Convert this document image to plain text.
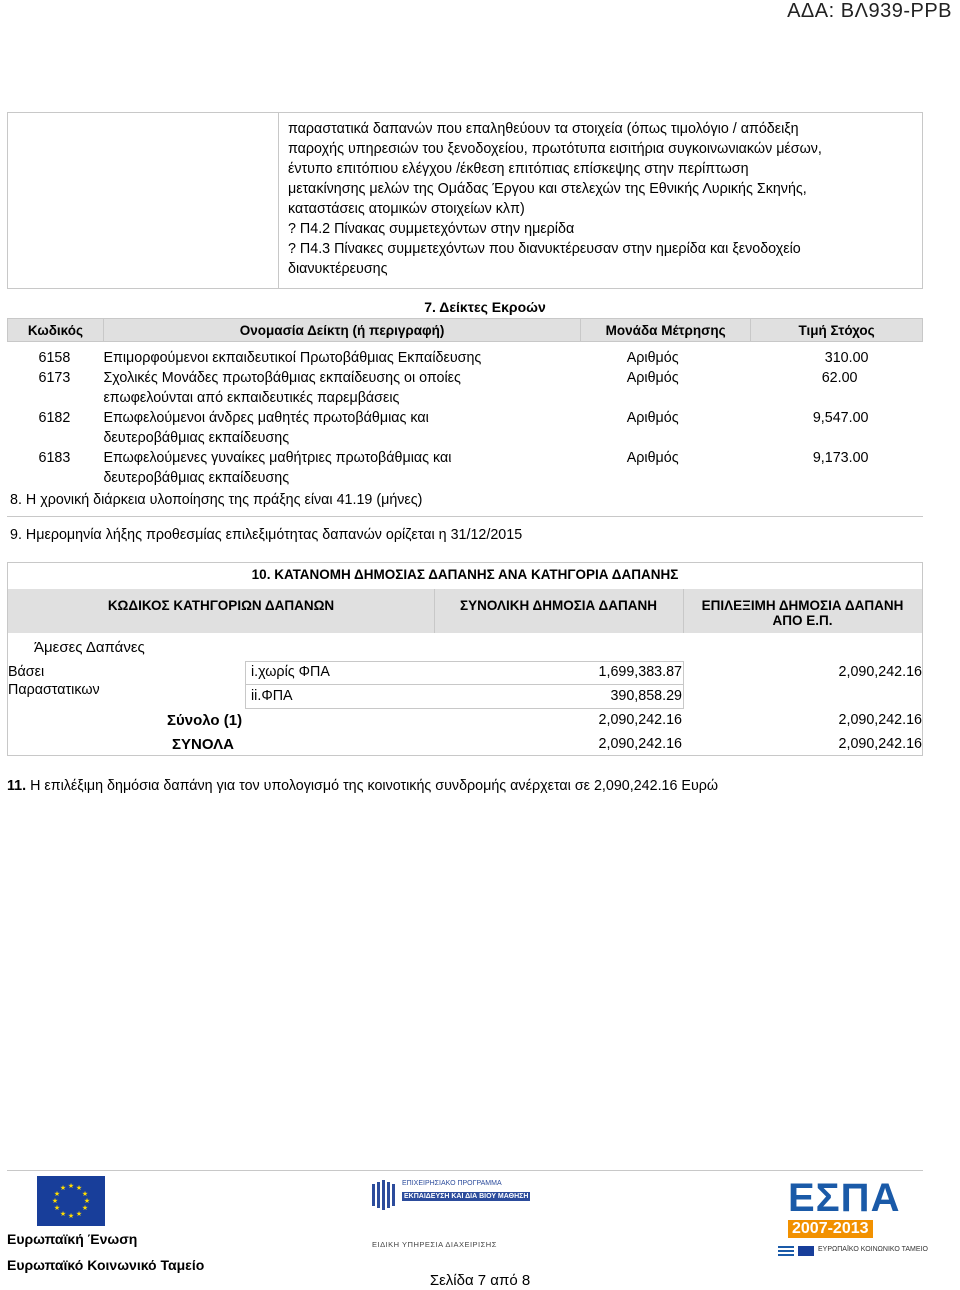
ΑΔΑ: ΒΛ939-ΡΡΒ
παραστατικά δαπανών που επαληθεύουν τα στοιχεία (όπως τιμολόγιο / απόδειξη
παροχής υπηρεσιών του ξενοδοχείου, πρωτότυπα εισιτήρια συγκοινωνιακών μέσων,
έντυπο επιτόπιου ελέγχου /έκθεση επιτόπιας επίσκεψης στην περίπτωση
μετακίνησης μελών της Ομάδας Έργου και στελεχών της Εθνικής Λυρικής Σκηνής,
καταστάσεις ατομικών στοιχείων κλπ)
? Π4.2 Πίνακας συμμετεχόντων στην ημερίδα
? Π4.3 Πίνακες συμμετεχόντων που διανυκτέρευσαν στην ημερίδα και ξενοδοχείο
διανυκτέρευσης
7. Δείκτες Εκροών
Κωδικός	Ονομασία Δείκτη (ή περιγραφή)	Μονάδα Μέτρησης	Τιμή Στόχος

6158	Επιμορφούμενοι εκπαιδευτικοί Πρωτοβάθμιας Εκπαίδευσης	Αριθμός	310.00
6173	Σχολικές Μονάδες πρωτοβάθμιας εκπαίδευσης οι οποίες
επωφελούνται από εκπαιδευτικές παρεμβάσεις	Αριθμός	62.00
6182	Επωφελούμενοι άνδρες μαθητές πρωτοβάθμιας και
δευτεροβάθμιας εκπαίδευσης	Αριθμός	9,547.00
6183	Επωφελούμενες γυναίκες μαθήτριες πρωτοβάθμιας και
δευτεροβάθμιας εκπαίδευσης	Αριθμός	9,173.00
8. Η χρονική διάρκεια υλοποίησης της πράξης είναι 41.19 (μήνες)
9. Ημερομηνία λήξης προθεσμίας επιλεξιμότητας δαπανών ορίζεται η 31/12/2015
10. ΚΑΤΑΝΟΜΗ ΔΗΜΟΣΙΑΣ ΔΑΠΑΝΗΣ ΑΝΑ ΚΑΤΗΓΟΡΙΑ ΔΑΠΑΝΗΣ
ΚΩΔΙΚΟΣ ΚΑΤΗΓΟΡΙΩΝ ΔΑΠΑΝΩΝ	ΣΥΝΟΛΙΚΗ ΔΗΜΟΣΙΑ ΔΑΠΑΝΗ	ΕΠΙΛΕΞΙΜΗ ΔΗΜΟΣΙΑ ΔΑΠΑΝΗ
ΑΠΟ Ε.Π.
Άμεσες Δαπάνες
Βάσει
Παραστατικων
i.χωρίς ΦΠΑ	1,699,383.87	2,090,242.16
ii.ΦΠΑ	390,858.29
Σύνολο (1)	2,090,242.16	2,090,242.16
ΣΥΝΟΛΑ	2,090,242.16	2,090,242.16
11. Η επιλέξιμη δημόσια δαπάνη για τον υπολογισμό της κοινοτικής συνδρομής ανέρχεται σε 2,090,242.16 Ευρώ
★ ★
★
★
★
★
★
★
★
★
★
★
Ευρωπαϊκή Ένωση
Ευρωπαϊκό Κοινωνικό Ταμείο
ΕΠΙΧΕΙΡΗΣΙΑΚΟ ΠΡΟΓΡΑΜΜΑ
ΕΚΠΑΙΔΕΥΣΗ ΚΑΙ ΔΙΑ ΒΙΟΥ ΜΑΘΗΣΗ
ΕΙΔΙΚΗ ΥΠΗΡΕΣΙΑ ΔΙΑΧΕΙΡΙΣΗΣ
ΕΣΠΑ
2007-2013
ΕΥΡΩΠΑΪΚΟ ΚΟΙΝΩΝΙΚΟ ΤΑΜΕΙΟ
Σελίδα 7 από 8
